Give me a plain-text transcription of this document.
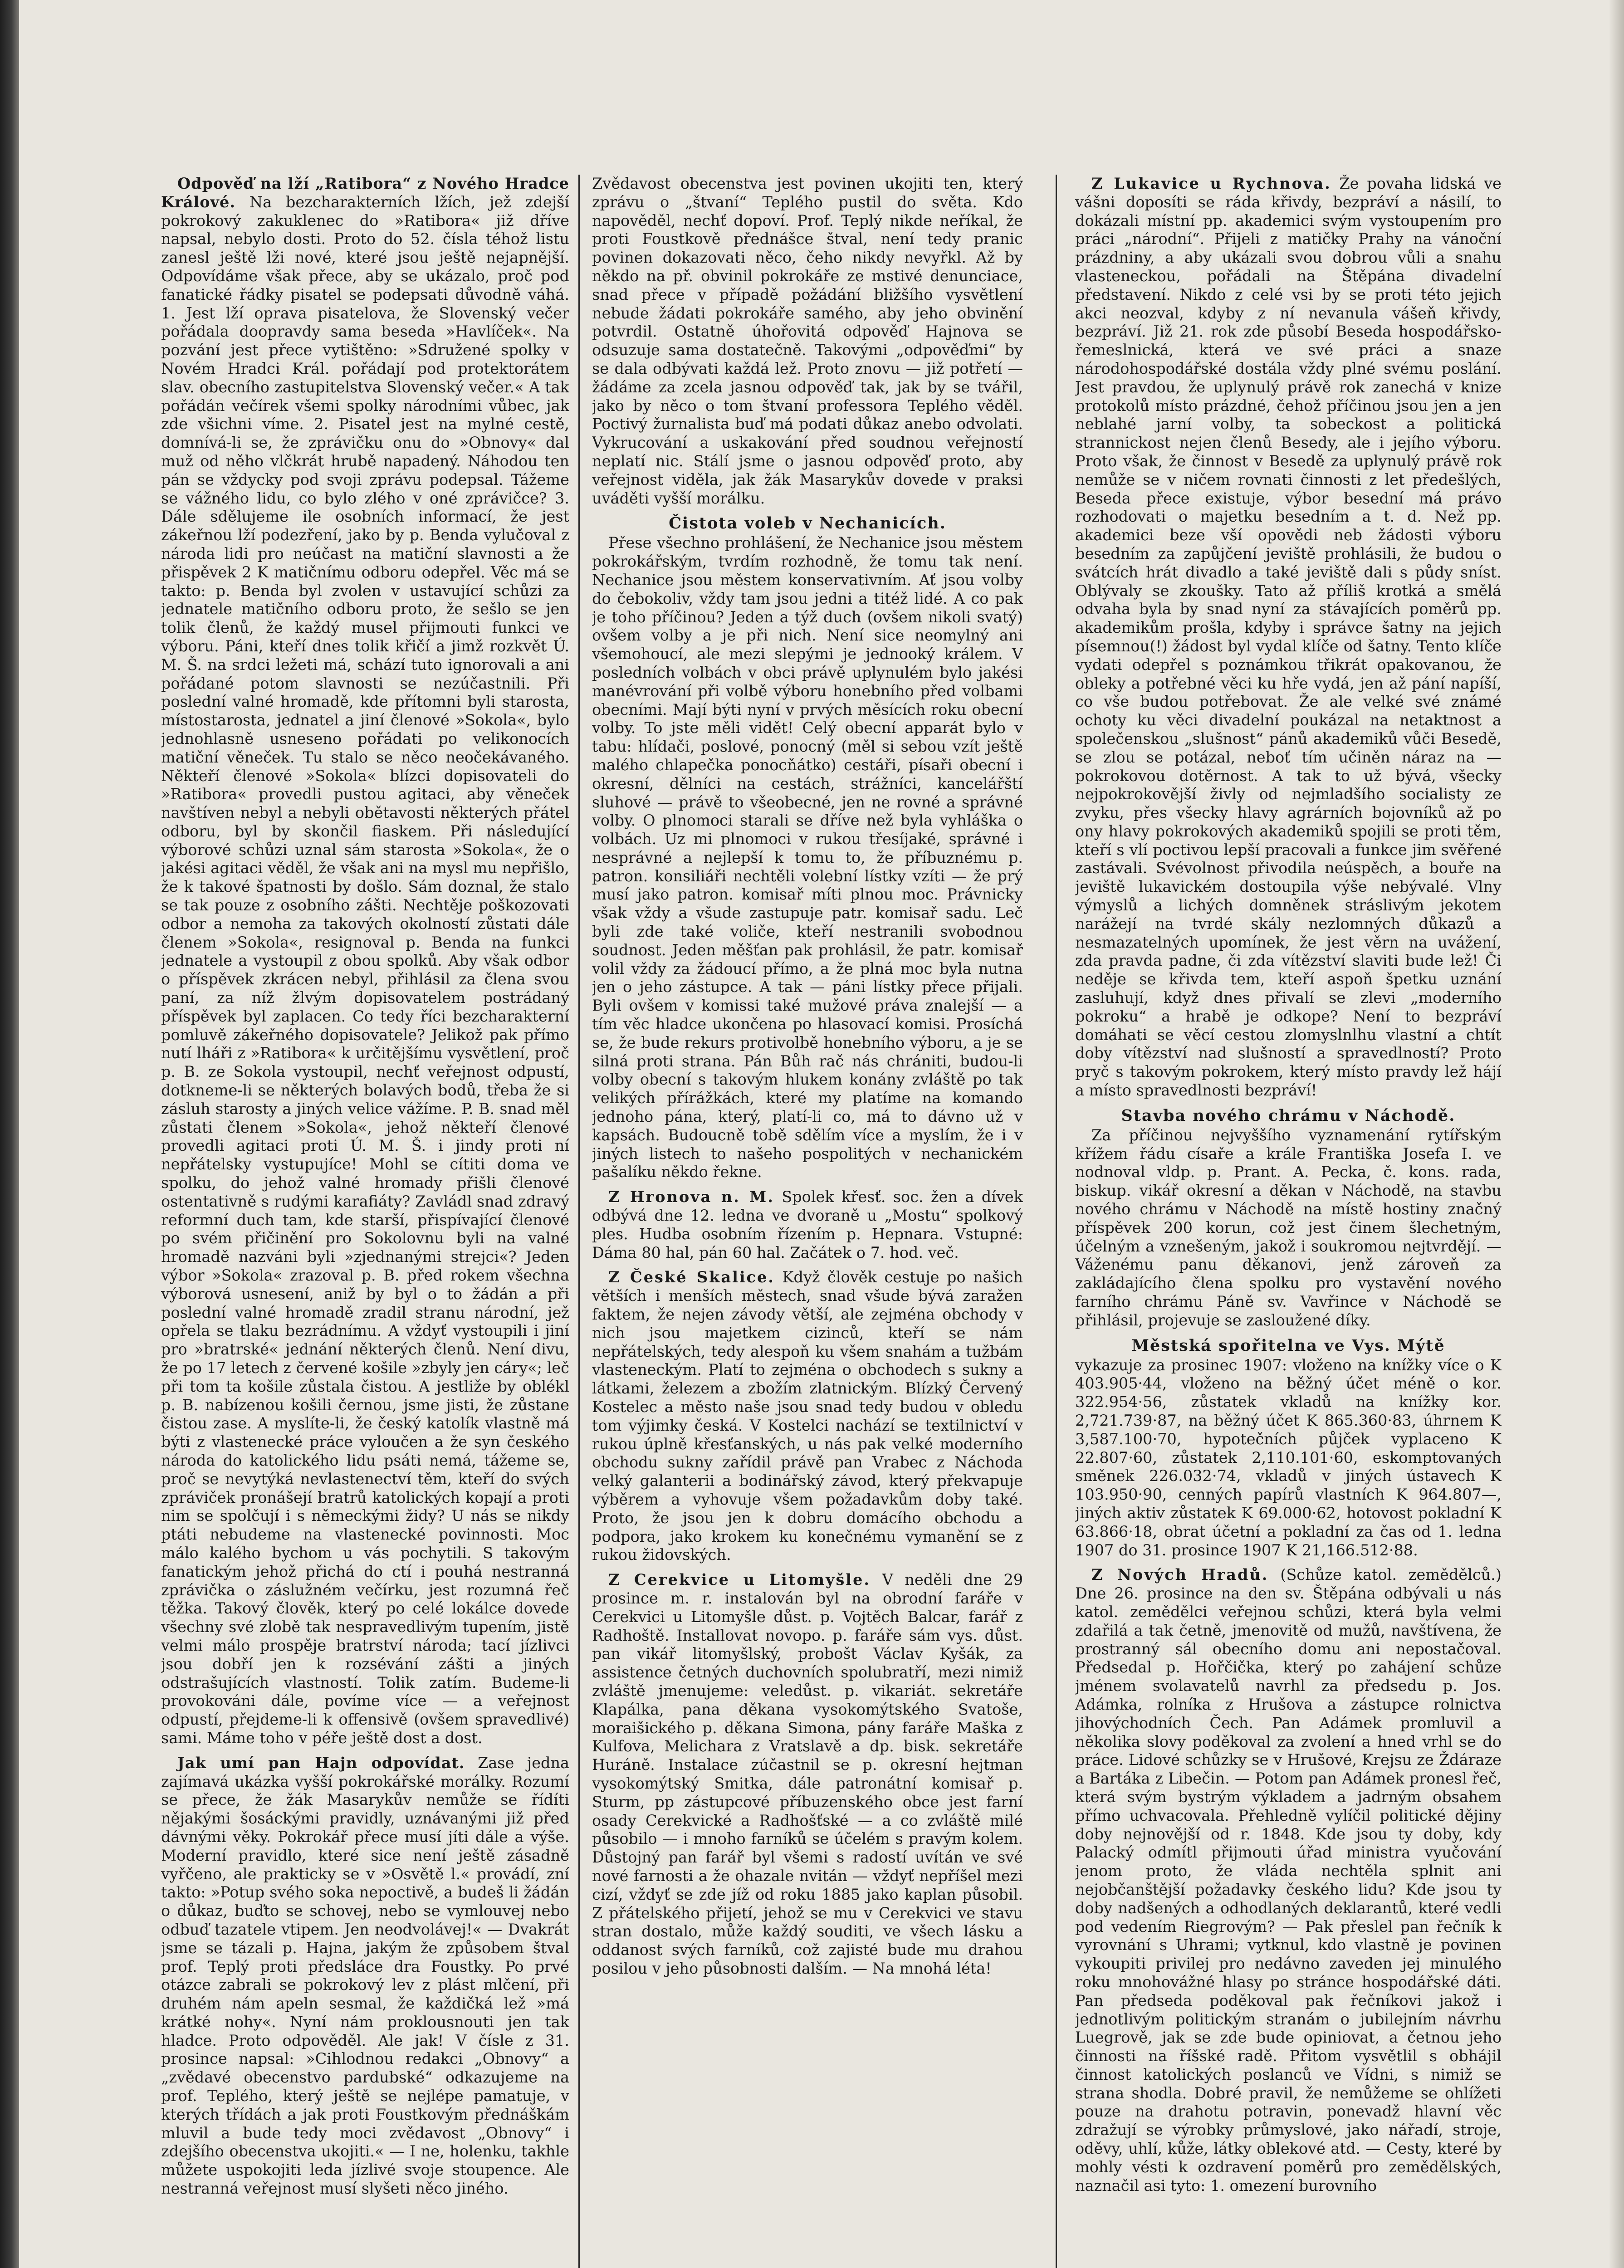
Odpověď na lží „Ratibora“ z Nového Hradce Králové. Na bezcharakterních lžích, jež zdejší pokrokový zakuklenec do »Ratibora« již dříve napsal, nebylo dosti. Proto do 52. čísla téhož listu zanesl ještě lži nové, které jsou ještě nejapnější. Odpovídáme však přece, aby se ukázalo, proč pod fanatické řádky pisatel se podepsati důvodně váhá. 1. Jest lží oprava pisatelova, že Slovenský večer pořádala doopravdy sama beseda »Havlíček«. Na pozvání jest přece vytištěno: »Sdružené spolky v Novém Hradci Král. pořádají pod protektorátem slav. obecního zastupitelstva Slovenský večer.« A tak pořádán večírek všemi spolky národními vůbec, jak zde všichni víme. 2. Pisatel jest na mylné cestě, domnívá-li se, že zprávičku onu do »Obnovy« dal muž od něho vlčkrát hrubě napadený. Náhodou ten pán se vždycky pod svoji zprávu podepsal. Tážeme se vážného lidu, co bylo zlého v oné zprávičce? 3. Dále sdělujeme ile osobních informací, že jest zákeřnou lží podezření, jako by p. Benda vylučoval z národa lidi pro neúčast na matiční slavnosti a že přispěvek 2 K matičnímu odboru odepřel. Věc má se takto: p. Benda byl zvolen v ustavující schůzi za jednatele matičního odboru proto, že sešlo se jen tolik členů, že každý musel přijmouti funkci ve výboru. Páni, kteří dnes tolik křičí a jimž rozkvět Ú. M. Š. na srdci ležeti má, schází tuto ignorovali a ani pořádané potom slavnosti se nezúčastnili. Při poslední valné hromadě, kde přítomni byli starosta, místostarosta, jednatel a jiní členové »Sokola«, bylo jednohlasně usneseno pořádati po velikonocích matiční věneček. Tu stalo se něco neočekávaného. Někteří členové »Sokola« blízci dopisovateli do »Ratibora« provedli pustou agitaci, aby věneček navštíven nebyl a nebyli obětavosti některých přátel odboru, byl by skončil fiaskem. Při následující výborové schůzi uznal sám starosta »Sokola«, že o jakési agitaci věděl, že však ani na mysl mu nepřišlo, že k takové špatnosti by došlo. Sám doznal, že stalo se tak pouze z osobního zášti. Nechtěje poškozovati odbor a nemoha za takových okolností zůstati dále členem »Sokola«, resignoval p. Benda na funkci jednatele a vystoupil z obou spolků. Aby však odbor o příspěvek zkrácen nebyl, přihlásil za člena svou paní, za níž žlvým dopisovatelem postrádaný příspěvek byl zaplacen. Co tedy říci bezcharakterní pomluvě zákeřného dopisovatele? Jelikož pak přímo nutí lháři z »Ratibora« k určitějšímu vysvětlení, proč p. B. ze Sokola vystoupil, nechť veřejnost odpustí, dotkneme-li se některých bolavých bodů, třeba že si zásluh starosty a jiných velice vážíme. P. B. snad měl zůstati členem »Sokola«, jehož někteří členové provedli agitaci proti Ú. M. Š. i jindy proti ní nepřátelsky vystupujíce! Mohl se cítiti doma ve spolku, do jehož valné hromady přišli členové ostentativně s rudými karafiáty? Zavládl snad zdravý reformní duch tam, kde starší, přispívající členové po svém přičinění pro Sokolovnu byli na valné hromadě nazváni byli »zjednanými strejci«? Jeden výbor »Sokola« zrazoval p. B. před rokem všechna výborová usnesení, aniž by byl o to žádán a při poslední valné hromadě zradil stranu národní, jež opřela se tlaku bezrádnímu. A vždyť vystoupili i jiní pro »bratrské« jednání některých členů. Není divu, že po 17 letech z červené košile »zbyly jen cáry«; leč při tom ta košile zůstala čistou. A jestliže by oblékl p. B. nabízenou košili černou, jsme jisti, že zůstane čistou zase. A myslíte-li, že český katolík vlastně má býti z vlastenecké práce vyloučen a že syn českého národa do katolického lidu psáti nemá, tážeme se, proč se nevytýká nevlastenectví těm, kteří do svých zpráviček pronášejí bratrů katolických kopají a proti nim se spolčují i s německými židy? U nás se nikdy ptáti nebudeme na vlastenecké povinnosti. Moc málo kalého bychom u vás pochytili. S takovým fanatickým jehož přichá do ctí i pouhá nestranná zprávička o záslužném večírku, jest rozumná řeč těžka. Takový člověk, který po celé lokálce dovede všechny své zlobě tak nespravedlivým tupením, jistě velmi málo prospěje bratrství národa; tací jízlivci jsou dobří jen k rozsévání zášti a jiných odstrašujících vlastností. Tolik zatím. Budeme-li provokováni dále, povíme více — a veřejnost odpustí, přejdeme-li k offensivě (ovšem spravedlivé) sami. Máme toho v péře ještě dost a dost.

Jak umí pan Hajn odpovídat. Zase jedna zajímavá ukázka vyšší pokrokářské morálky. Rozumí se přece, že žák Masarykův nemůže se řídíti nějakými šosáckými pravidly, uznávanými již před dávnými věky. Pokrokář přece musí jíti dále a výše. Moderní pravidlo, které sice není ještě zásadně vyřčeno, ale prakticky se v »Osvětě l.« provádí, zní takto: »Potup svého soka nepoctivě, a budeš li žádán o důkaz, buďto se schovej, nebo se vymlouvej nebo odbuď tazatele vtipem. Jen neodvolávej!« — Dvakrát jsme se tázali p. Hajna, jakým že způsobem štval prof. Teplý proti předsláce dra Foustky. Po prvé otázce zabrali se pokrokový lev z plást mlčení, při druhém nám apeln sesmal, že každičká lež »má krátké nohy«. Nyní nám proklousnouti jen tak hladce. Proto odpověděl. Ale jak! V čísle z 31. prosince napsal: »Cihlodnou redakci „Obnovy“ a „zvědavé obecenstvo pardubské“ odkazujeme na prof. Teplého, který ještě se nejlépe pamatuje, v kterých třídách a jak proti Foustkovým přednáškám mluvil a bude tedy moci zvědavost „Obnovy“ i zdejšího obecenstva ukojiti.« — I ne, holenku, takhle můžete uspokojiti leda jízlivé svoje stoupence. Ale nestranná veřejnost musí slyšeti něco jiného.

Zvědavost obecenstva jest povinen ukojiti ten, který zprávu o „štvaní“ Teplého pustil do světa. Kdo napověděl, nechť dopoví. Prof. Teplý nikde neříkal, že proti Foustkově přednášce štval, není tedy pranic povinen dokazovati něco, čeho nikdy nevyřkl. Až by někdo na př. obvinil pokrokáře ze mstivé denunciace, snad přece v případě požádání bližšího vysvětlení nebude žádati pokrokáře samého, aby jeho obvinění potvrdil. Ostatně úhořovitá odpověď Hajnova se odsuzuje sama dostatečně. Takovými „odpověďmi“ by se dala odbývati každá lež. Proto znovu — již potřetí — žádáme za zcela jasnou odpověď tak, jak by se tvářil, jako by něco o tom štvaní professora Teplého věděl. Poctivý žurnalista buď má podati důkaz anebo odvolati. Vykrucování a uskakování před soudnou veřejností neplatí nic. Stálí jsme o jasnou odpověď proto, aby veřejnost viděla, jak žák Masarykův dovede v praksi uváděti vyšší morálku.

Čistota voleb v Nechanicích.

Přese všechno prohlášení, že Nechanice jsou městem pokrokářským, tvrdím rozhodně, že tomu tak není. Nechanice jsou městem konservativním. Ať jsou volby do čebokoliv, vždy tam jsou jedni a titéž lidé. A co pak je toho příčinou? Jeden a týž duch (ovšem nikoli svatý) ovšem volby a je při nich. Není sice neomylný ani všemohoucí, ale mezi slepými je jednooký králem. V posledních volbách v obci právě uplynulém bylo jakési manévrování při volbě výboru honebního před volbami obecními. Mají býti nyní v prvých měsících roku obecní volby. To jste měli vidět! Celý obecní apparát bylo v tabu: hlídači, poslové, ponocný (měl si sebou vzít ještě malého chlapečka ponocňátko) cestáři, písaři obecní i okresní, dělníci na cestách, strážníci, kancelářští sluhové — právě to všeobecné, jen ne rovné a správné volby. O plnomoci starali se dříve než byla vyhláška o volbách. Uz mi plnomoci v rukou třesíjaké, správné i nesprávné a nejlepší k tomu to, že příbuznému p. patron. konsiliáři nechtěli volební lístky vzíti — že prý musí jako patron. komisař míti plnou moc. Právnicky však vždy a všude zastupuje patr. komisař sadu. Leč byli zde také voliče, kteří nestranili svobodnou soudnost. Jeden měšťan pak prohlásil, že patr. komisař volil vždy za žádoucí přímo, a že plná moc byla nutna jen o jeho zástupce. A tak — páni lístky přece přijali. Byli ovšem v komissi také mužové práva znalejší — a tím věc hladce ukončena po hlasovací komisi. Prosíchá se, že bude rekurs protivolbě honebního výboru, a je se silná proti strana. Pán Bůh rač nás chrániti, budou-li volby obecní s takovým hlukem konány zvláště po tak velikých přírážkách, které my platíme na komando jednoho pána, který, platí-li co, má to dávno už v kapsách. Budoucně tobě sdělím více a myslím, že i v jiných listech to našeho pospolitých v nechanickém pašalíku někdo řekne.

Z Hronova n. M. Spolek křesť. soc. žen a dívek odbývá dne 12. ledna ve dvoraně u „Mostu“ spolkový ples. Hudba osobním řízením p. Hepnara. Vstupné: Dáma 80 hal, pán 60 hal. Začátek o 7. hod. več.

Z České Skalice. Když člověk cestuje po našich větších i menších městech, snad všude bývá zaražen faktem, že nejen závody větší, ale zejména obchody v nich jsou majetkem cizinců, kteří se nám nepřátelských, tedy alespoň ku všem snahám a tužbám vlasteneckým. Platí to zejména o obchodech s sukny a látkami, železem a zbožím zlatnickým. Blízký Červený Kostelec a město naše jsou snad tedy budou v obledu tom výjimky česká. V Kostelci nachází se textilnictví v rukou úplně křesťanských, u nás pak velké moderního obchodu sukny zařídil právě pan Vrabec z Náchoda velký galanterii a bodinářský závod, který překvapuje výběrem a vyhovuje všem požadavkům doby také. Proto, že jsou jen k dobru domácího obchodu a podpora, jako krokem ku konečnému vymanění se z rukou židovských.

Z Cerekvice u Litomyšle. V neděli dne 29 prosince m. r. instalován byl na obrodní faráře v Cerekvici u Litomyšle důst. p. Vojtěch Balcar, farář z Radhoště. Installovat novopo. p. faráře sám vys. důst. pan vikář litomyšlský, probošt Václav Kyšák, za assistence četných duchovních spolubratří, mezi nimiž zvláště jmenujeme: veledůst. p. vikariát. sekretáře Klapálka, pana děkana vysokomýtského Svatoše, moraišického p. děkana Simona, pány faráře Maška z Kulfova, Melichara z Vratslavě a dp. bisk. sekretáře Huráně. Instalace zúčastnil se p. okresní hejtman vysokomýtský Smitka, dále patronátní komisař p. Sturm, pp zástupcové příbuzenského obce jest farní osady Cerekvické a Radhošťské — a co zvláště milé působilo — i mnoho farníků se účelém s pravým kolem. Důstojný pan farář byl všemi s radostí uvítán ve své nové farnosti a že ohazale nvitán — vždyť nepříšel mezi cizí, vždyť se zde jíž od roku 1885 jako kaplan působil. Z přátelského přijetí, jehož se mu v Cerekvici ve stavu stran dostalo, může každý souditi, ve všech lásku a oddanost svých farníků, což zajisté bude mu drahou posilou v jeho působnosti dalším. — Na mnohá léta!

Z Lukavice u Rychnova. Že povaha lidská ve vášni doposíti se ráda křivdy, bezpráví a násilí, to dokázali místní pp. akademici svým vystoupením pro práci „národní“. Přijeli z matičky Prahy na vánoční prázdniny, a aby ukázali svou dobrou vůli a snahu vlasteneckou, pořádali na Štěpána divadelní představení. Nikdo z celé vsi by se proti této jejich akci neozval, kdyby z ní nevanula vášeň křivdy, bezpráví. Již 21. rok zde působí Beseda hospodářsko-řemeslnická, která ve své práci a snaze národohospodářské dostála vždy plné svému poslání. Jest pravdou, že uplynulý právě rok zanechá v knize protokolů místo prázdné, čehož příčinou jsou jen a jen neblahé jarní volby, ta sobeckost a politická strannickost nejen členů Besedy, ale i jejího výboru. Proto však, že činnost v Besedě za uplynulý právě rok nemůže se v ničem rovnati činnosti z let předešlých, Beseda přece existuje, výbor besední má právo rozhodovati o majetku besedním a t. d. Než pp. akademici beze vší opovědi neb žádosti výboru besedním za zapůjčení jeviště prohlásili, že budou o svátcích hrát divadlo a také jeviště dali s půdy sníst. Oblývaly se zkoušky. Tato až příliš krotká a smělá odvaha byla by snad nyní za stávajících poměrů pp. akademikům prošla, kdyby i správce šatny na jejich písemnou(!) žádost byl vydal klíče od šatny. Tento klíče vydati odepřel s poznámkou třikrát opakovanou, že obleky a potřebné věci ku hře vydá, jen až pání napíší, co vše budou potřebovat. Že ale velké své známé ochoty ku věci divadelní poukázal na netaktnost a společenskou „slušnost“ pánů akademiků vůči Besedě, se zlou se potázal, neboť tím učiněn náraz na — pokrokovou dotěrnost. A tak to už bývá, všecky nejpokrokovější živly od nejmladšího socialisty ze zvyku, přes všecky hlavy agrárních bojovníků až po ony hlavy pokrokových akademiků spojili se proti těm, kteří s vlí poctivou lepší pracovali a funkce jim svěřené zastávali. Svévolnost přivodila neúspěch, a bouře na jeviště lukavickém dostoupila výše nebývalé. Vlny výmyslů a lichých domněnek stráslivým jekotem narážejí na tvrdé skály nezlomných důkazů a nesmazatelných upomínek, že jest věrn na uvážení, zda pravda padne, či zda vítězství slaviti bude lež! Či neděje se křivda tem, kteří aspoň špetku uznání zasluhují, když dnes přivalí se zlevi „moderního pokroku“ a hrabě je odkope? Není to bezpráví domáhati se věcí cestou zlomyslnlhu vlastní a chtít doby vítězství nad slušností a spravedlností? Proto pryč s takovým pokrokem, který místo pravdy lež hájí a místo spravedlnosti bezpráví!

Stavba nového chrámu v Náchodě.

Za příčinou nejvyššího vyznamenání rytířským křížem řádu císaře a krále Františka Josefa I. ve nodnoval vldp. p. Prant. A. Pecka, č. kons. rada, biskup. vikář okresní a děkan v Náchodě, na stavbu nového chrámu v Náchodě na místě hostiny značný příspěvek 200 korun, což jest činem šlechetným, účelným a vznešeným, jakož i soukromou nejtvrdějí. — Váženému panu děkanovi, jenž zároveň za zakládajícího člena spolku pro vystavění nového farního chrámu Páně sv. Vavřince v Náchodě se přihlásil, projevuje se zasloužené díky.

Městská spořitelna ve Vys. Mýtě

vykazuje za prosinec 1907: vloženo na knížky více o K 403.905·44, vloženo na běžný účet méně o kor. 322.954·56, zůstatek vkladů na knížky kor. 2,721.739·87, na běžný účet K 865.360·83, úhrnem K 3,587.100·70, hypotečních půjček vyplaceno K 22.807·60, zůstatek 2,110.101·60, eskomptovaných směnek 226.032·74, vkladů v jiných ústavech K 103.950·90, cenných papírů vlastních K 964.807—, jiných aktiv zůstatek K 69.000·62, hotovost pokladní K 63.866·18, obrat účetní a pokladní za čas od 1. ledna 1907 do 31. prosince 1907 K 21,166.512·88.

Z Nových Hradů. (Schůze katol. zemědělců.) Dne 26. prosince na den sv. Štěpána odbývali u nás katol. zemědělci veřejnou schůzi, která byla velmi zdařilá a tak četně, jmenovitě od mužů, navštívena, že prostranný sál obecního domu ani nepostačoval. Předsedal p. Hořčička, který po zahájení schůze jménem svolavatelů navrhl za předsedu p. Jos. Adámka, rolníka z Hrušova a zástupce rolnictva jihovýchodních Čech. Pan Adámek promluvil a několika slovy poděkoval za zvolení a hned vrhl se do práce. Lidové schůzky se v Hrušové, Krejsu ze Ždáraze a Bartáka z Libečin. — Potom pan Adámek pronesl řeč, která svým bystrým výkladem a jadrným obsahem přímo uchvacovala. Přehledně vylíčil politické dějiny doby nejnovější od r. 1848. Kde jsou ty doby, kdy Palacký odmítl přijmouti úřad ministra vyučování jenom proto, že vláda nechtěla splnit ani nejobčanštější požadavky českého lidu? Kde jsou ty doby nadšených a odhodlaných deklarantů, které vedli pod vedením Riegrovým? — Pak přeslel pan řečník k vyrovnání s Uhrami; vytknul, kdo vlastně je povinen vykoupiti privilej pro nedávno zaveden jej minulého roku mnohovážné hlasy po stránce hospodářské dáti. Pan předseda poděkoval pak řečníkovi jakož i jednotlivým politickým stranám o jubilejním návrhu Luegrově, jak se zde bude opiniovat, a četnou jeho činnosti na říšské radě. Přitom vysvětlil s obhájil činnost katolických poslanců ve Vídni, s nimiž se strana shodla. Dobré pravil, že nemůžeme se ohlížeti pouze na drahotu potravin, ponevadž hlavní věc zdražují se výrobky průmyslové, jako nářadí, stroje, oděvy, uhlí, kůže, látky oblekové atd. — Cesty, které by mohly vésti k ozdravení poměrů pro zemědělských, naznačil asi tyto: 1. omezení burovního
